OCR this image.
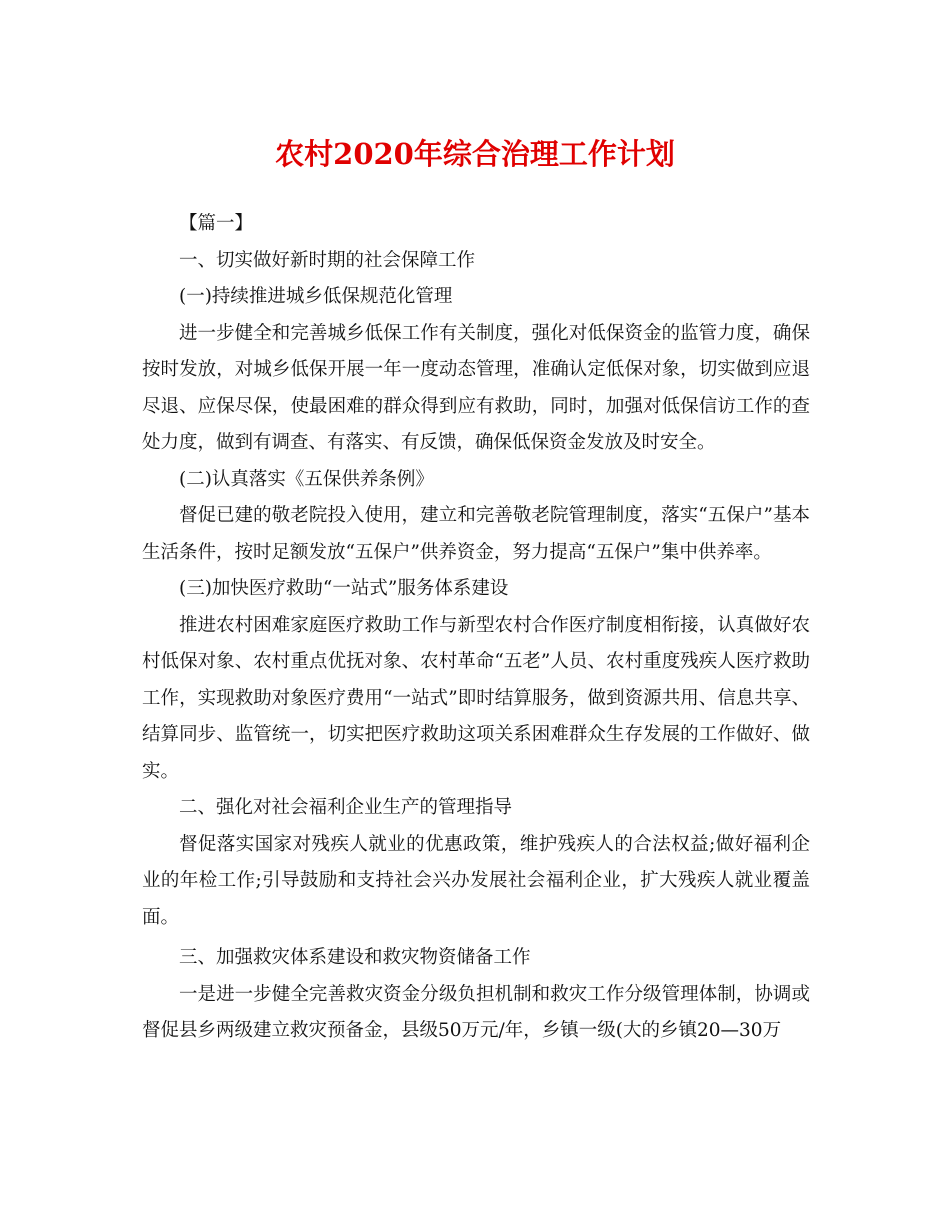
农村2020年综合治理工作计划

【篇一】

一、切实做好新时期的社会保障工作

(一)持续推进城乡低保规范化管理

进一步健全和完善城乡低保工作有关制度，强化对低保资金的监管力度，确保按时发放，对城乡低保开展一年一度动态管理，准确认定低保对象，切实做到应退尽退、应保尽保，使最困难的群众得到应有救助，同时，加强对低保信访工作的查处力度，做到有调查、有落实、有反馈，确保低保资金发放及时安全。

(二)认真落实《五保供养条例》

督促已建的敬老院投入使用，建立和完善敬老院管理制度，落实“五保户”基本生活条件，按时足额发放“五保户”供养资金，努力提高“五保户”集中供养率。

(三)加快医疗救助“一站式”服务体系建设

推进农村困难家庭医疗救助工作与新型农村合作医疗制度相衔接，认真做好农村低保对象、农村重点优抚对象、农村革命“五老”人员、农村重度残疾人医疗救助工作，实现救助对象医疗费用“一站式”即时结算服务，做到资源共用、信息共享、结算同步、监管统一，切实把医疗救助这项关系困难群众生存发展的工作做好、做实。

二、强化对社会福利企业生产的管理指导

督促落实国家对残疾人就业的优惠政策，维护残疾人的合法权益;做好福利企业的年检工作;引导鼓励和支持社会兴办发展社会福利企业，扩大残疾人就业覆盖面。

三、加强救灾体系建设和救灾物资储备工作

一是进一步健全完善救灾资金分级负担机制和救灾工作分级管理体制，协调或督促县乡两级建立救灾预备金，县级50万元/年，乡镇一级(大的乡镇20—30万
